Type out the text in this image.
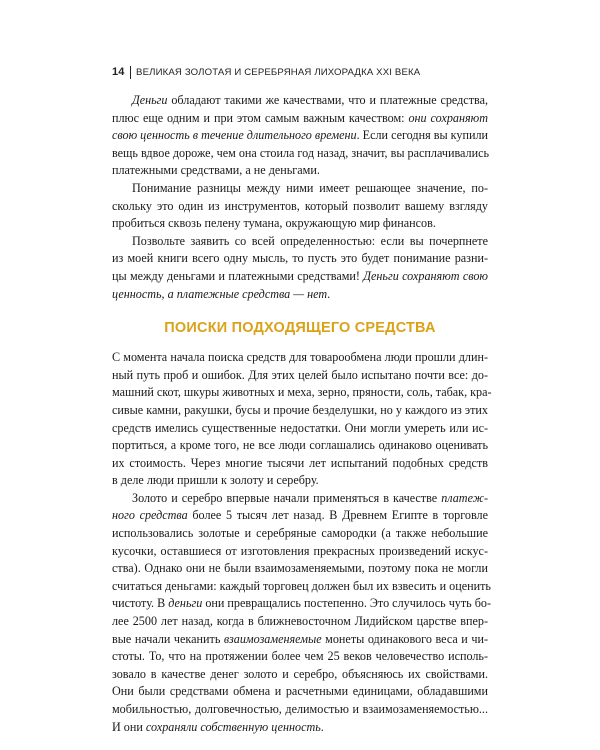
14 ВЕЛИКАЯ ЗОЛОТАЯ И СЕРЕБРЯНАЯ ЛИХОРАДКА XXI ВЕКА

Деньги обладают такими же качествами, что и платежные средства,
плюс еще одним и при этом самым важным качеством: они сохраняют
свою ценность в течение длительного времени. Если сегодня вы купили
вещь вдвое дороже, чем она стоила год назад, значит, вы расплачивались
платежными средствами, а не деньгами.

Понимание разницы между ними имеет решающее значение, по-
скольку это один из инструментов, который позволит вашему взгляду
пробиться сквозь пелену тумана, окружающую мир финансов.

Позвольте заявить со всей определенностью: если вы почерпнете
из моей книги всего одну мысль, то пусть это будет понимание разни-
цы между деньгами и платежными средствами! Деньги сохраняют свою
ценность, а платежные средства — нет.

ПОИСКИ ПОДХОДЯЩЕГО СРЕДСТВА

С момента начала поиска средств для товарообмена люди прошли длин-
ный путь проб и ошибок. Для этих целей было испытано почти все: до-
машний скот, шкуры животных и меха, зерно, пряности, соль, табак, кра-
сивые камни, ракушки, бусы и прочие безделушки, но у каждого из этих
средств имелись существенные недостатки. Они могли умереть или ис-
портиться, а кроме того, не все люди соглашались одинаково оценивать
их стоимость. Через многие тысячи лет испытаний подобных средств
в деле люди пришли к золоту и серебру.

Золото и серебро впервые начали применяться в качестве платеж-
ного средства более 5 тысяч лет назад. В Древнем Египте в торговле
использовались золотые и серебряные самородки (а также небольшие
кусочки, оставшиеся от изготовления прекрасных произведений искус-
ства). Однако они не были взаимозаменяемыми, поэтому пока не могли
считаться деньгами: каждый торговец должен был их взвесить и оценить
чистоту. В деньги они превращались постепенно. Это случилось чуть бо-
лее 2500 лет назад, когда в ближневосточном Лидийском царстве впер-
вые начали чеканить взаимозаменяемые монеты одинакового веса и чи-
стоты. То, что на протяжении более чем 25 веков человечество исполь-
зовало в качестве денег золото и серебро, объясняюсь их свойствами.
Они были средствами обмена и расчетными единицами, обладавшими
мобильностью, долговечностью, делимостью и взаимозаменяемостью...
И они сохраняли собственную ценность.
